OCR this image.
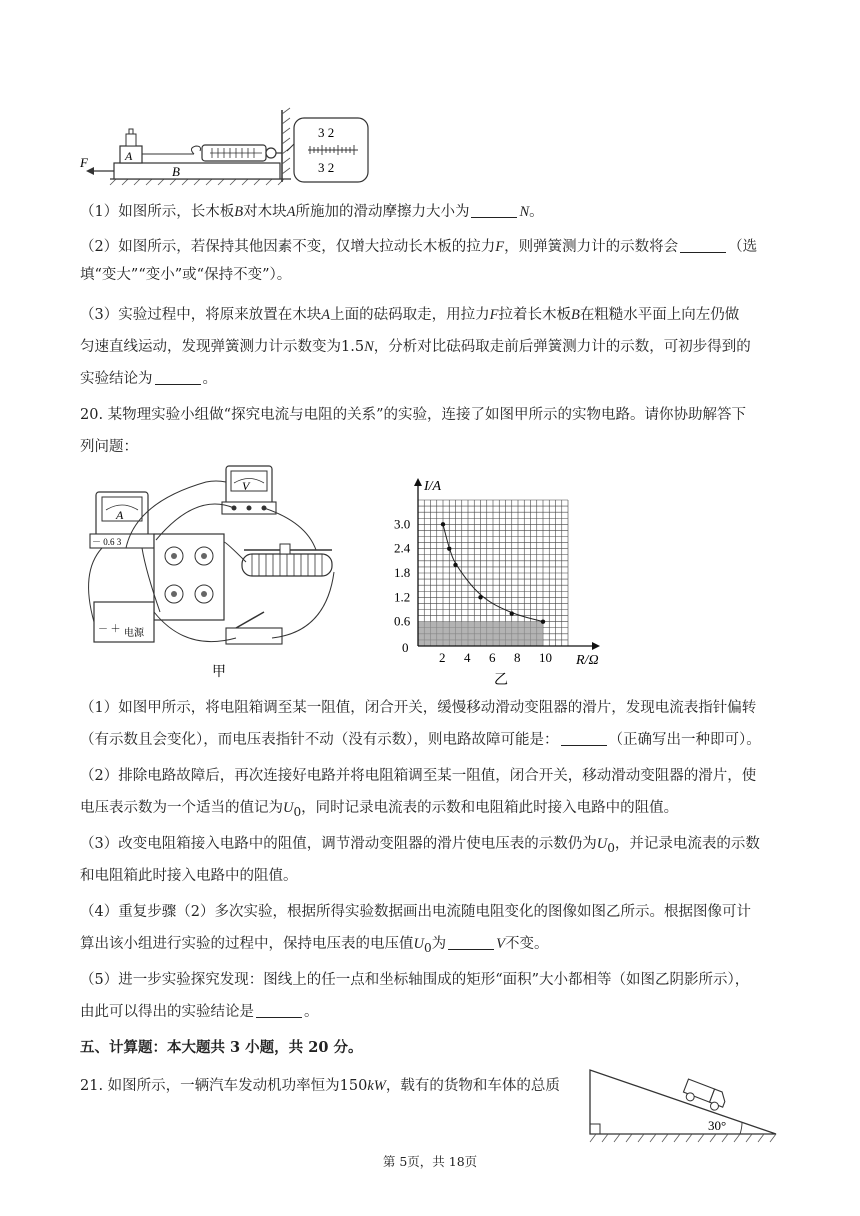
B
A
3 2
3 2
F
（1）如图所示，长木板B对木块A所施加的滑动摩擦力大小为	N。
（2）如图所示，若保持其他因素不变，仅增大拉动长木板的拉力F，则弹簧测力计的示数将会	（选
填“变大”“变小”或“保持不变”）。
（3）实验过程中，将原来放置在木块A上面的砝码取走，用拉力F拉着长木板B在粗糙水平面上向左仍做
匀速直线运动，发现弹簧测力计示数变为1.5N，分析对比砝码取走前后弹簧测力计的示数，可初步得到的
实验结论为	。
20. 某物理实验小组做“探究电流与电阻的关系”的实验，连接了如图甲所示的实物电路。请你协助解答下
列问题：
A
－ 0.6 3
V
－ ＋ 电源
甲
2 4 6 8 10
0.6
1.2
1.8
2.4
3.0
I/A
R/Ω
0
乙
（1）如图甲所示，将电阻箱调至某一阻值，闭合开关，缓慢移动滑动变阻器的滑片，发现电流表指针偏转
（有示数且会变化），而电压表指针不动（没有示数），则电路故障可能是：	（正确写出一种即可）。
（2）排除电路故障后，再次连接好电路并将电阻箱调至某一阻值，闭合开关，移动滑动变阻器的滑片，使
电压表示数为一个适当的值记为$U_0$，同时记录电流表的示数和电阻箱此时接入电路中的阻值。
（3）改变电阻箱接入电路中的阻值，调节滑动变阻器的滑片使电压表的示数仍为$U_0$，并记录电流表的示数
和电阻箱此时接入电路中的阻值。
（4）重复步骤（2）多次实验，根据所得实验数据画出电流随电阻变化的图像如图乙所示。根据图像可计
算出该小组进行实验的过程中，保持电压表的电压值$U_0$为	V不变。
（5）进一步实验探究发现：图线上的任一点和坐标轴围成的矩形“面积”大小都相等（如图乙阴影所示），
由此可以得出的实验结论是	。
五、计算题：本大题共 3 小题，共 20 分。
21. 如图所示，一辆汽车发动机功率恒为150kW，载有的货物和车体的总质
30°
第 5页，共 18页
